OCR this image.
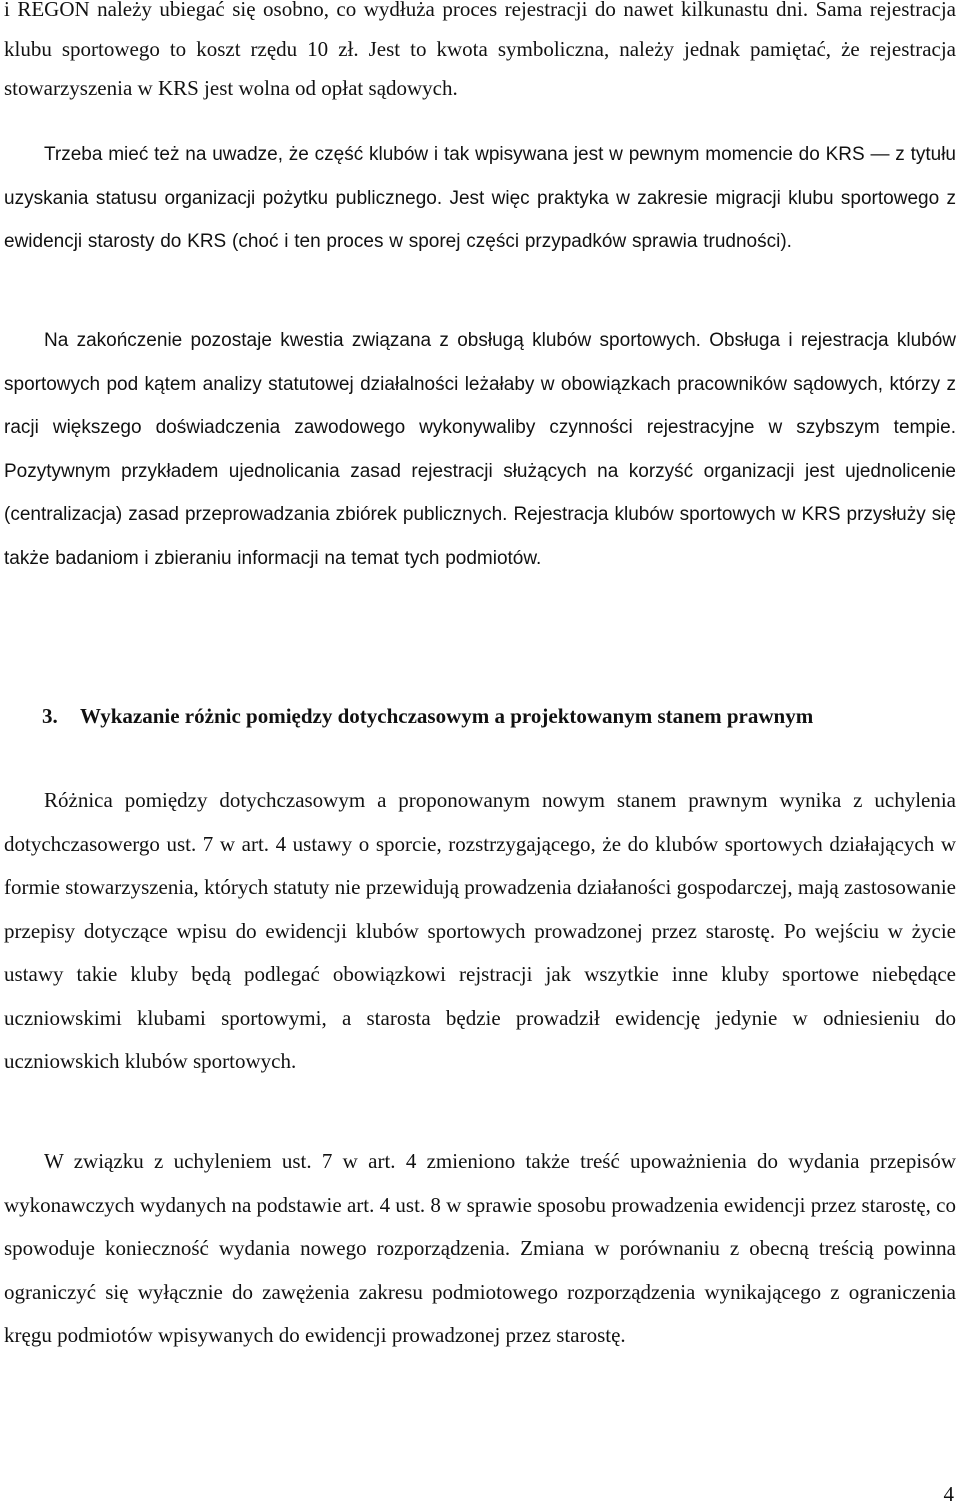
i REGON należy ubiegać się osobno, co wydłuża proces rejestracji do nawet kilkunastu dni. Sama rejestracja klubu sportowego to koszt rzędu 10 zł. Jest to kwota symboliczna, należy jednak pamiętać, że rejestracja stowarzyszenia w KRS jest wolna od opłat sądowych.

Trzeba mieć też na uwadze, że część klubów i tak wpisywana jest w pewnym momencie do KRS — z tytułu uzyskania statusu organizacji pożytku publicznego. Jest więc praktyka w zakresie migracji klubu sportowego z ewidencji starosty do KRS (choć i ten proces w sporej części przypadków sprawia trudności).

Na zakończenie pozostaje kwestia związana z obsługą klubów sportowych. Obsługa i rejestracja klubów sportowych pod kątem analizy statutowej działalności leżałaby w obowiązkach pracowników sądowych, którzy z racji większego doświadczenia zawodowego wykonywaliby czynności rejestracyjne w szybszym tempie. Pozytywnym przykładem ujednolicania zasad rejestracji służących na korzyść organizacji jest ujednolicenie (centralizacja) zasad przeprowadzania zbiórek publicznych. Rejestracja klubów sportowych w KRS przysłuży się także badaniom i zbieraniu informacji na temat tych podmiotów.

3. Wykazanie różnic pomiędzy dotychczasowym a projektowanym stanem prawnym

Różnica pomiędzy dotychczasowym a proponowanym nowym stanem prawnym wynika z uchylenia dotychczasowergo ust. 7 w art. 4 ustawy o sporcie, rozstrzygającego, że do klubów sportowych działających w formie stowarzyszenia, których statuty nie przewidują prowadzenia działaności gospodarczej, mają zastosowanie przepisy dotyczące wpisu do ewidencji klubów sportowych prowadzonej przez starostę. Po wejściu w życie ustawy takie kluby będą podlegać obowiązkowi rejstracji jak wszytkie inne kluby sportowe niebędące uczniowskimi klubami sportowymi, a starosta będzie prowadził ewidencję jedynie w odniesieniu do uczniowskich klubów sportowych.

W związku z uchyleniem ust. 7 w art. 4 zmieniono także treść upoważnienia do wydania przepisów wykonawczych wydanych na podstawie art. 4 ust. 8 w sprawie sposobu prowadzenia ewidencji przez starostę, co spowoduje konieczność wydania nowego rozporządzenia. Zmiana w porównaniu z obecną treścią powinna ograniczyć się wyłącznie do zawężenia zakresu podmiotowego rozporządzenia wynikającego z ograniczenia kręgu podmiotów wpisywanych do ewidencji prowadzonej przez starostę.

4
